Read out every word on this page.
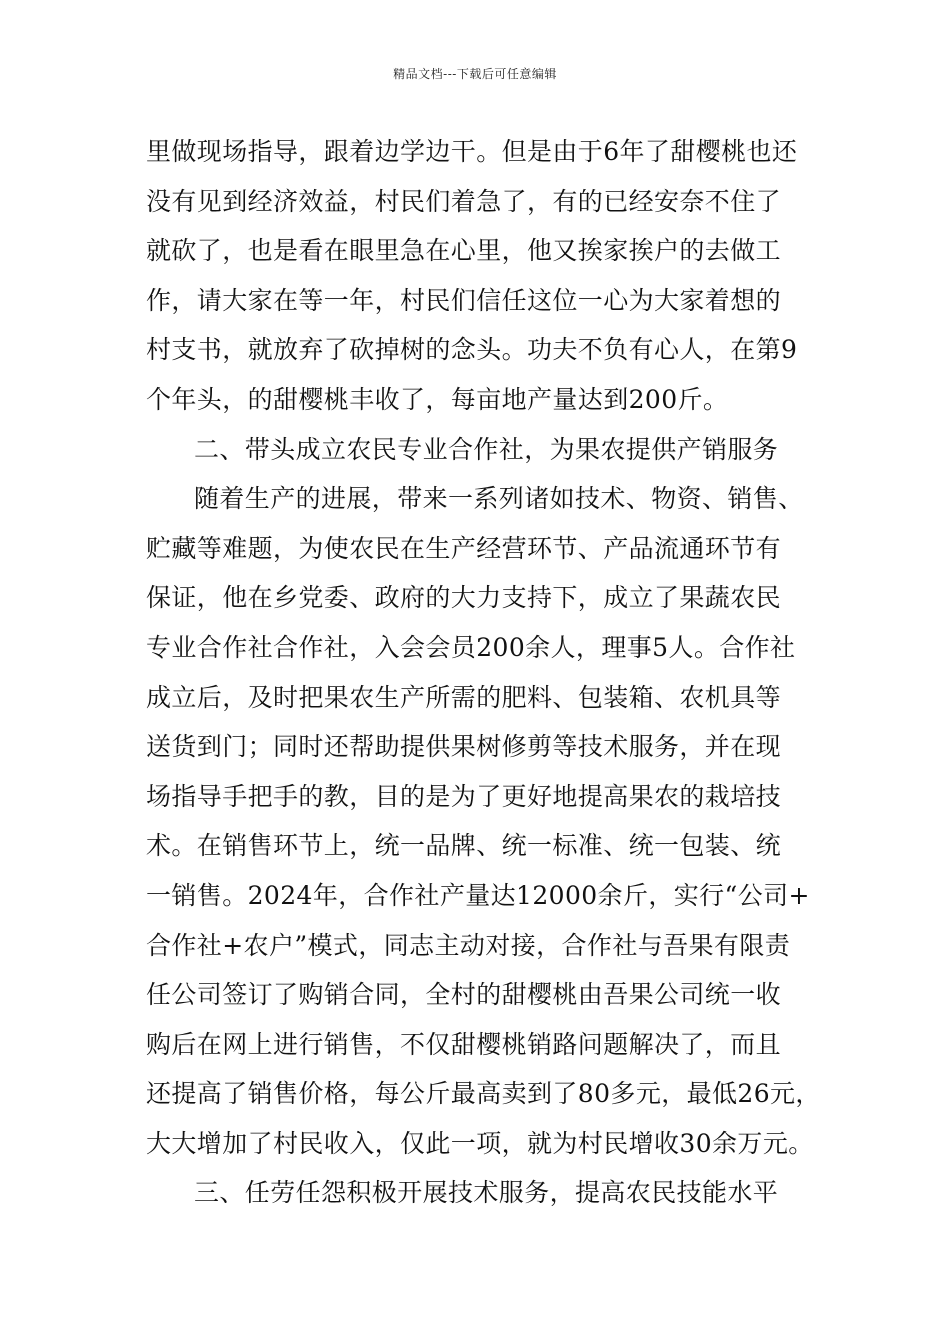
精品文档---下载后可任意编辑
里做现场指导，跟着边学边干。但是由于6年了甜樱桃也还
没有见到经济效益，村民们着急了，有的已经安奈不住了
就砍了，也是看在眼里急在心里，他又挨家挨户的去做工
作，请大家在等一年，村民们信任这位一心为大家着想的
村支书，就放弃了砍掉树的念头。功夫不负有心人，在第9
个年头，的甜樱桃丰收了，每亩地产量达到200斤。
二、带头成立农民专业合作社，为果农提供产销服务
随着生产的进展，带来一系列诸如技术、物资、销售、
贮藏等难题，为使农民在生产经营环节、产品流通环节有
保证，他在乡党委、政府的大力支持下，成立了果蔬农民
专业合作社合作社，入会会员200余人，理事5人。合作社
成立后，及时把果农生产所需的肥料、包装箱、农机具等
送货到门；同时还帮助提供果树修剪等技术服务，并在现
场指导手把手的教，目的是为了更好地提高果农的栽培技
术。在销售环节上，统一品牌、统一标准、统一包装、统
一销售。2024年，合作社产量达12000余斤，实行“公司+
合作社+农户”模式，同志主动对接，合作社与吾果有限责
任公司签订了购销合同，全村的甜樱桃由吾果公司统一收
购后在网上进行销售，不仅甜樱桃销路问题解决了，而且
还提高了销售价格，每公斤最高卖到了80多元，最低26元，
大大增加了村民收入，仅此一项，就为村民增收30余万元。
三、任劳任怨积极开展技术服务，提高农民技能水平
